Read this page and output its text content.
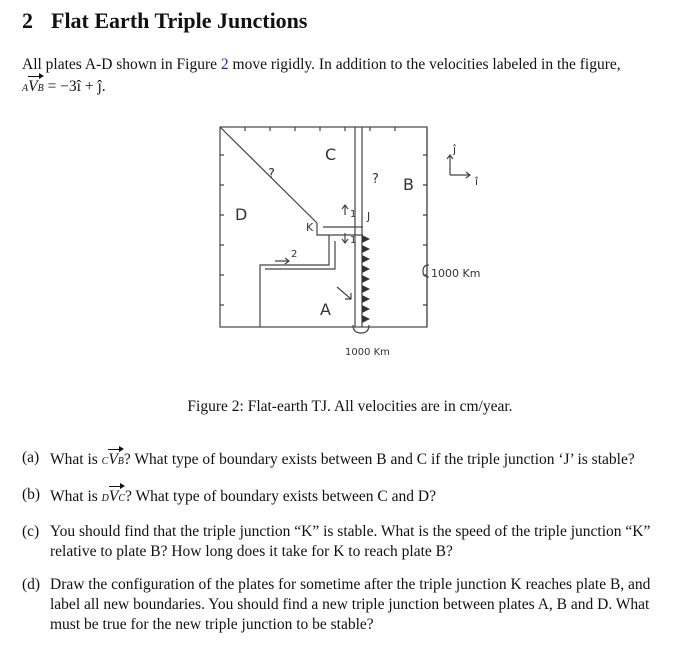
2 Flat Earth Triple Junctions
All plates A-D shown in Figure 2 move rigidly. In addition to the velocities labeled in the figure,
AVB = −3î + ĵ.
C
B
D
A
?	?
K
J
1
1
2
1000 Km
1000 Km
ĵ
î
Figure 2: Flat-earth TJ. All velocities are in cm/year.
(a) What is CVB? What type of boundary exists between B and C if the triple junction ‘J’ is stable?
(b) What is DVC? What type of boundary exists between C and D?
(c) You should find that the triple junction “K” is stable. What is the speed of the triple junction “K” relative to plate B? How long does it take for K to reach plate B?
(d) Draw the configuration of the plates for sometime after the triple junction K reaches plate B, and label all new boundaries. You should find a new triple junction between plates A, B and D. What must be true for the new triple junction to be stable?
